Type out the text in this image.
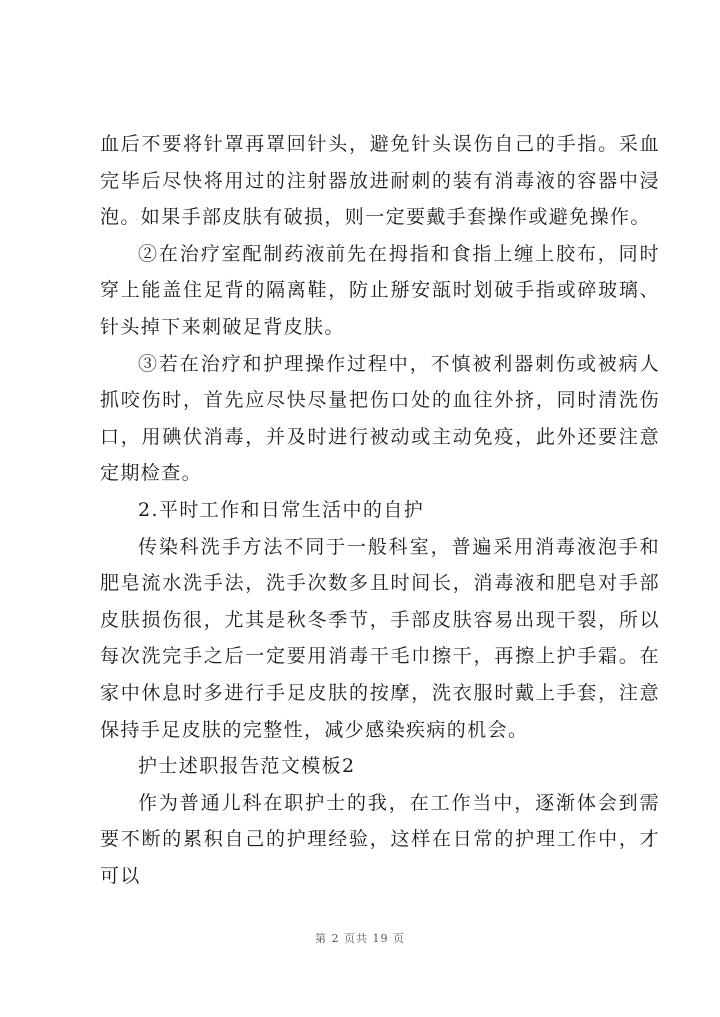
血后不要将针罩再罩回针头，避免针头误伤自己的手指。采血完毕后尽快将用过的注射器放进耐刺的装有消毒液的容器中浸泡。如果手部皮肤有破损，则一定要戴手套操作或避免操作。

②在治疗室配制药液前先在拇指和食指上缠上胶布，同时穿上能盖住足背的隔离鞋，防止掰安瓿时划破手指或碎玻璃、针头掉下来刺破足背皮肤。

③若在治疗和护理操作过程中，不慎被利器刺伤或被病人抓咬伤时，首先应尽快尽量把伤口处的血往外挤，同时清洗伤口，用碘伏消毒，并及时进行被动或主动免疫，此外还要注意定期检查。

2.平时工作和日常生活中的自护

传染科洗手方法不同于一般科室，普遍采用消毒液泡手和肥皂流水洗手法，洗手次数多且时间长，消毒液和肥皂对手部皮肤损伤很，尤其是秋冬季节，手部皮肤容易出现干裂，所以每次洗完手之后一定要用消毒干毛巾擦干，再擦上护手霜。在家中休息时多进行手足皮肤的按摩，洗衣服时戴上手套，注意保持手足皮肤的完整性，减少感染疾病的机会。

护士述职报告范文模板2

作为普通儿科在职护士的我，在工作当中，逐渐体会到需要不断的累积自己的护理经验，这样在日常的护理工作中，才可以

第 2 页共 19 页
